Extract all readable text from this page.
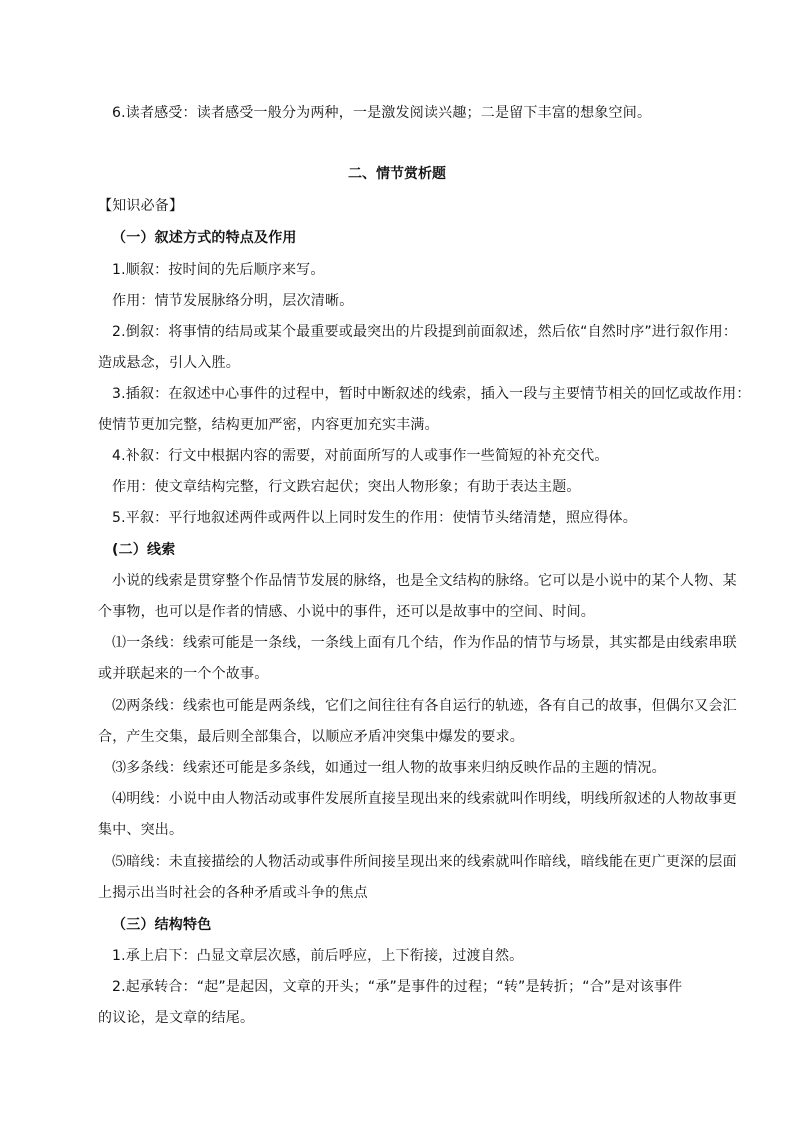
6.读者感受：读者感受一般分为两种，一是激发阅读兴趣；二是留下丰富的想象空间。
二、情节赏析题
【知识必备】
（一）叙述方式的特点及作用
1.顺叙：按时间的先后顺序来写。
作用：情节发展脉络分明，层次清晰。
2.倒叙：将事情的结局或某个最重要或最突出的片段提到前面叙述，然后依“自然时序”进行叙作用：
造成悬念，引人入胜。
3.插叙：在叙述中心事件的过程中，暂时中断叙述的线索，插入一段与主要情节相关的回忆或故作用：
使情节更加完整，结构更加严密，内容更加充实丰满。
4.补叙：行文中根据内容的需要，对前面所写的人或事作一些简短的补充交代。
作用：使文章结构完整，行文跌宕起伏；突出人物形象；有助于表达主题。
5.平叙：平行地叙述两件或两件以上同时发生的作用：使情节头绪清楚，照应得体。
(二）线索
小说的线索是贯穿整个作品情节发展的脉络，也是全文结构的脉络。它可以是小说中的某个人物、某
个事物，也可以是作者的情感、小说中的事件，还可以是故事中的空间、时间。
⑴一条线：线索可能是一条线，一条线上面有几个结，作为作品的情节与场景，其实都是由线索串联
或并联起来的一个个故事。
⑵两条线：线索也可能是两条线，它们之间往往有各自运行的轨迹，各有自己的故事，但偶尔又会汇
合，产生交集，最后则全部集合，以顺应矛盾冲突集中爆发的要求。
⑶多条线：线索还可能是多条线，如通过一组人物的故事来归纳反映作品的主题的情况。
⑷明线：小说中由人物活动或事件发展所直接呈现出来的线索就叫作明线，明线所叙述的人物故事更
集中、突出。
⑸暗线：未直接描绘的人物活动或事件所间接呈现出来的线索就叫作暗线，暗线能在更广更深的层面
上揭示出当时社会的各种矛盾或斗争的焦点
（三）结构特色
1.承上启下：凸显文章层次感，前后呼应，上下衔接，过渡自然。
2.起承转合：“起”是起因，文章的开头；“承”是事件的过程；“转”是转折；“合”是对该事件
的议论，是文章的结尾。
